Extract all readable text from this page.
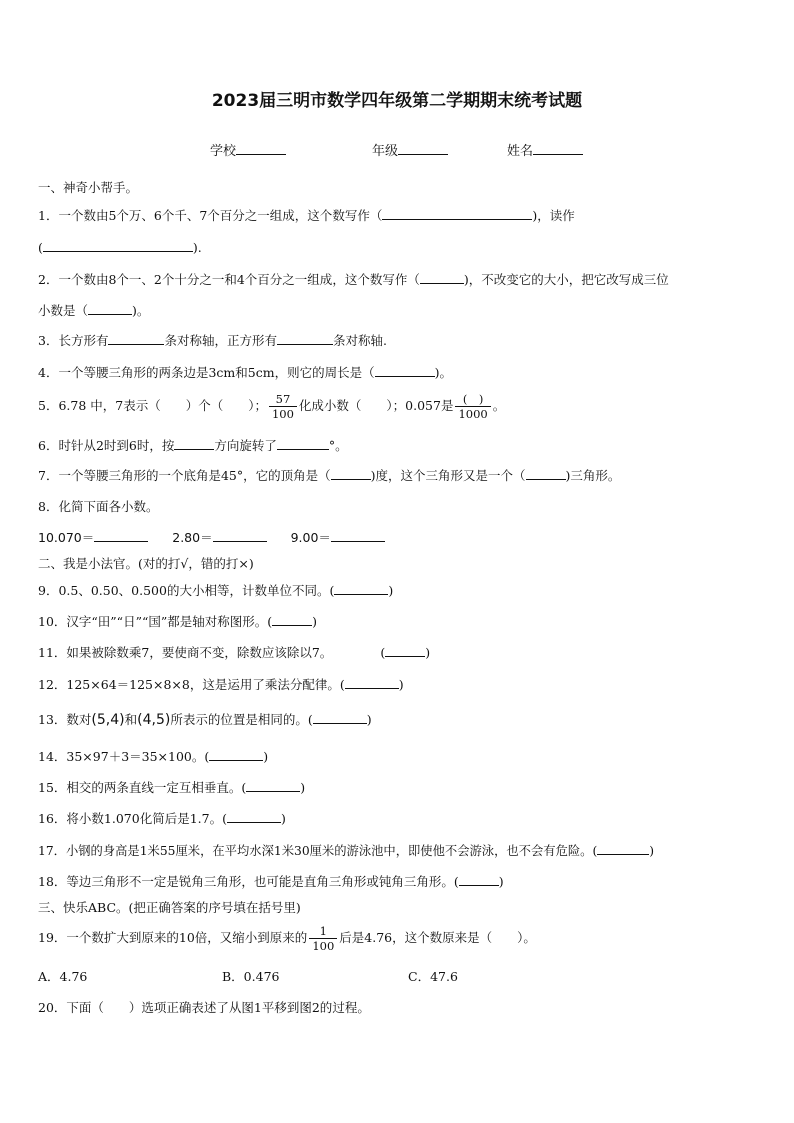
2023届三明市数学四年级第二学期期末统考试题
学校	年级	姓名
一、神奇小帮手。
1．一个数由5个万、6个千、7个百分之一组成，这个数写作（	)，读作
(	).
2．一个数由8个一、2个十分之一和4个百分之一组成，这个数写作（	)，不改变它的大小，把它改写成三位
小数是（	)。
3．长方形有	条对称轴，正方形有	条对称轴.
4．一个等腰三角形的两条边是3cm和5cm，则它的周长是（	)。
5．6.78 中，7表示（　　）个（　　）； $\frac{57}{100}$ 化成小数（　　）；0.057是 $\frac{( )}{1000}$ 。
6．时针从2时到6时，按	方向旋转了	°。
7．一个等腰三角形的一个底角是45°，它的顶角是（	)度，这个三角形又是一个（	)三角形。
8．化简下面各小数。
10.070＝	2.80＝	9.00＝
二、我是小法官。(对的打√，错的打×)
9．0.5、0.50、0.500的大小相等，计数单位不同。(	)
10．汉字“田”“日”“国”都是轴对称图形。(	)
11．如果被除数乘7，要使商不变，除数应该除以7。	(	)
12．125×64＝125×8×8，这是运用了乘法分配律。(	)
13．数对(5,4)和(4,5)所表示的位置是相同的。(	)
14．35×97＋3＝35×100。(	)
15．相交的两条直线一定互相垂直。(	)
16．将小数1.070化简后是1.7。(	)
17．小钢的身高是1米55厘米，在平均水深1米30厘米的游泳池中，即使他不会游泳，也不会有危险。(	)
18．等边三角形不一定是锐角三角形，也可能是直角三角形或钝角三角形。(	)
三、快乐ABC。(把正确答案的序号填在括号里)
19．一个数扩大到原来的10倍，又缩小到原来的 $\frac{1}{100}$ 后是4.76，这个数原来是（　　）。
A．4.76	B．0.476	C．47.6
20．下面（　　）选项正确表述了从图1平移到图2的过程。
